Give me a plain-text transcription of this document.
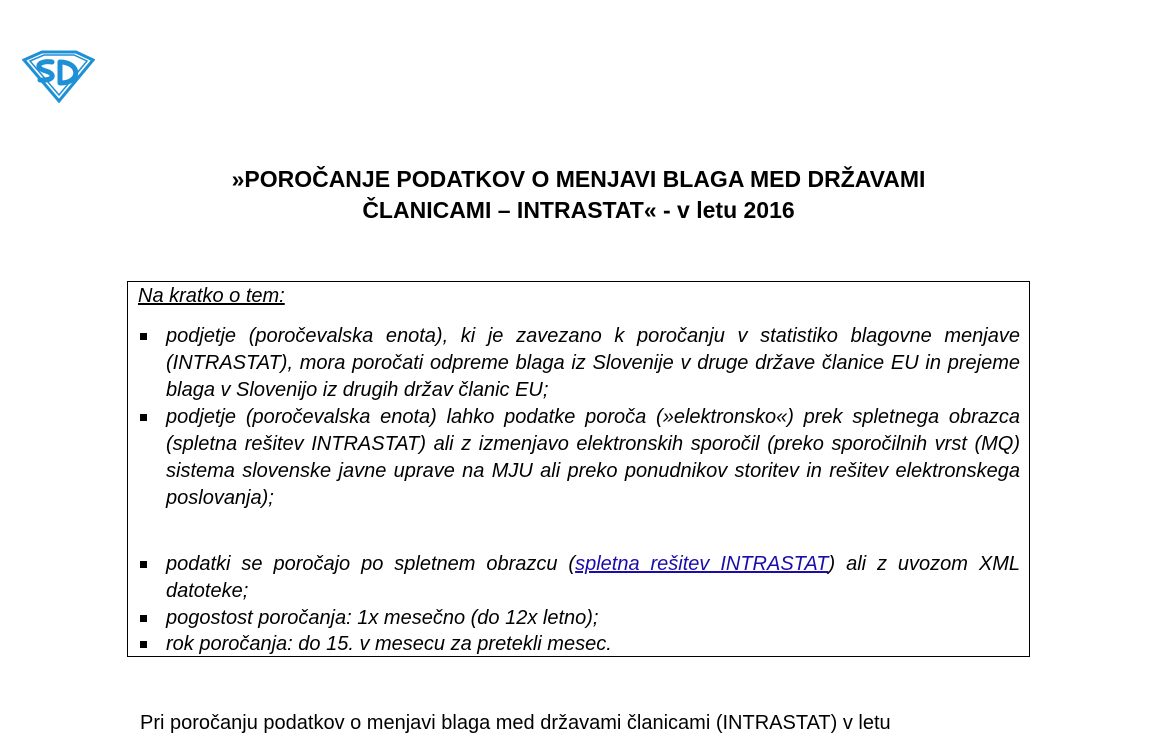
»POROČANJE PODATKOV O MENJAVI BLAGA MED DRŽAVAMI
ČLANICAMI – INTRASTAT« - v letu 2016

Na kratko o tem:

podjetje (poročevalska enota), ki je zavezano k poročanju v statistiko blagovne menjave (INTRASTAT), mora poročati odpreme blaga iz Slovenije v druge države članice EU in prejeme blaga v Slovenijo iz drugih držav članic EU;
podjetje (poročevalska enota) lahko podatke poroča (»elektronsko«) prek spletnega obrazca (spletna rešitev INTRASTAT) ali z izmenjavo elektronskih sporočil (preko sporočilnih vrst (MQ) sistema slovenske javne uprave na MJU ali preko ponudnikov storitev in rešitev elektronskega poslovanja);
podatki se poročajo po spletnem obrazcu (spletna rešitev INTRASTAT) ali z uvozom XML datoteke;
pogostost poročanja: 1x mesečno (do 12x letno);
rok poročanja: do 15. v mesecu za pretekli mesec.

Pri poročanju podatkov o menjavi blaga med državami članicami (INTRASTAT) v letu
